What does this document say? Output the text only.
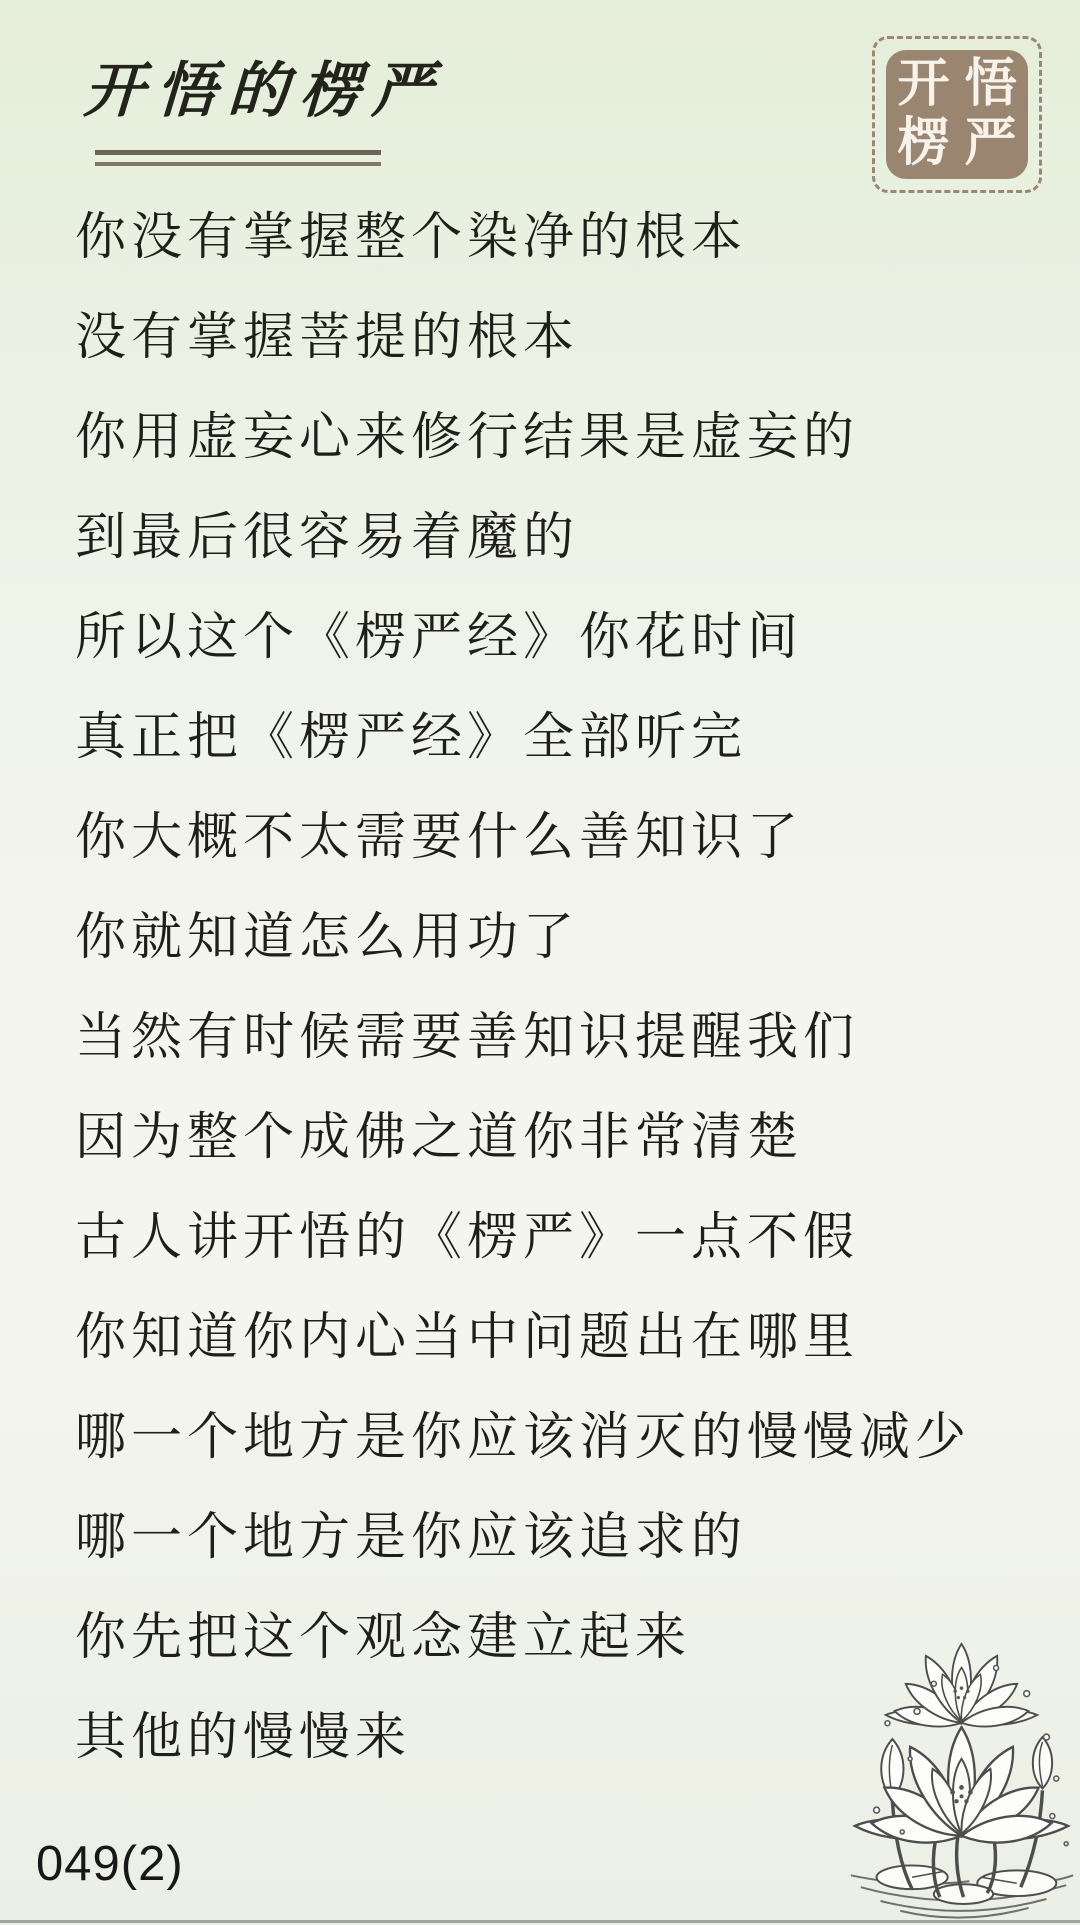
开悟的楞严	开 悟
楞 严

你没有掌握整个染净的根本

没有掌握菩提的根本

你用虚妄心来修行结果是虚妄的

到最后很容易着魔的

所以这个《楞严经》你花时间

真正把《楞严经》全部听完

你大概不太需要什么善知识了

你就知道怎么用功了

当然有时候需要善知识提醒我们

因为整个成佛之道你非常清楚

古人讲开悟的《楞严》一点不假

你知道你内心当中问题出在哪里

哪一个地方是你应该消灭的慢慢减少

哪一个地方是你应该追求的

你先把这个观念建立起来

其他的慢慢来

049(2)
